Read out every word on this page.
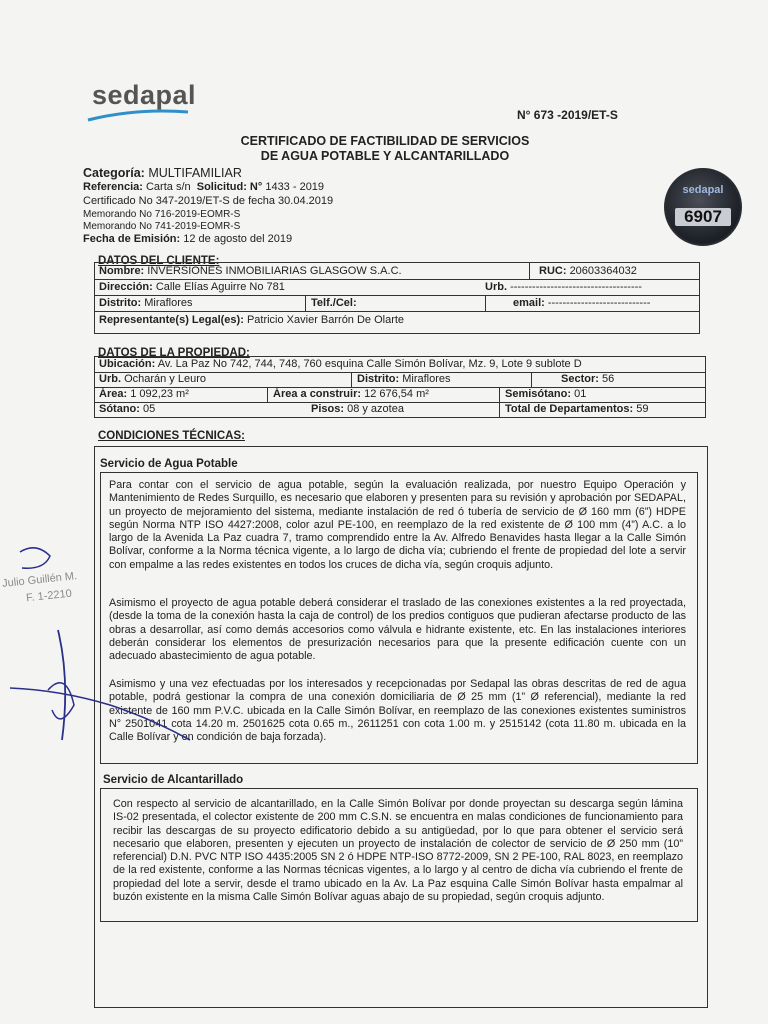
sedapal
N° 673 -2019/ET-S
CERTIFICADO DE FACTIBILIDAD DE SERVICIOS
DE AGUA POTABLE Y ALCANTARILLADO
Categoría: MULTIFAMILIAR
Referencia: Carta s/n Solicitud: N° 1433 - 2019
Certificado No 347-2019/ET-S de fecha 30.04.2019
Memorando No 716-2019-EOMR-S
Memorando No 741-2019-EOMR-S
Fecha de Emisión: 12 de agosto del 2019
sedapal
6907
DATOS DEL CLIENTE:
Nombre: INVERSIONES INMOBILIARIAS GLASGOW S.A.C.	RUC: 20603364032
Dirección: Calle Elías Aguirre No 781	Urb. ------------------------------------
Distrito: Miraflores	Telf./Cel:	email: ----------------------------
Representante(s) Legal(es): Patricio Xavier Barrón De Olarte
DATOS DE LA PROPIEDAD:
Ubicación: Av. La Paz No 742, 744, 748, 760 esquina Calle Simón Bolívar, Mz. 9, Lote 9 sublote D
Urb. Ocharán y Leuro	Distrito: Miraflores	Sector: 56
Área: 1 092,23 m²	Área a construir: 12 676,54 m²	Semisótano: 01
Sótano: 05	Pisos: 08 y azotea	Total de Departamentos: 59
CONDICIONES TÉCNICAS:
Servicio de Agua Potable
Para contar con el servicio de agua potable, según la evaluación realizada, por nuestro Equipo Operación y Mantenimiento de Redes Surquillo, es necesario que elaboren y presenten para su revisión y aprobación por SEDAPAL, un proyecto de mejoramiento del sistema, mediante instalación de red ó tubería de servicio de Ø 160 mm (6”) HDPE según Norma NTP ISO 4427:2008, color azul PE-100, en reemplazo de la red existente de Ø 100 mm (4”) A.C. a lo largo de la Avenida La Paz cuadra 7, tramo comprendido entre la Av. Alfredo Benavides hasta llegar a la Calle Simón Bolívar, conforme a la Norma técnica vigente, a lo largo de dicha vía; cubriendo el frente de propiedad del lote a servir con empalme a las redes existentes en todos los cruces de dicha vía, según croquis adjunto.
Asimismo el proyecto de agua potable deberá considerar el traslado de las conexiones existentes a la red proyectada, (desde la toma de la conexión hasta la caja de control) de los predios contiguos que pudieran afectarse producto de las obras a desarrollar, así como demás accesorios como válvula e hidrante existente, etc. En las instalaciones interiores deberán considerar los elementos de presurización necesarios para que la presente edificación cuente con un adecuado abastecimiento de agua potable.
Asimismo y una vez efectuadas por los interesados y recepcionadas por Sedapal las obras descritas de red de agua potable, podrá gestionar la compra de una conexión domiciliaria de Ø 25 mm (1” Ø referencial), mediante la red existente de 160 mm P.V.C. ubicada en la Calle Simón Bolívar, en reemplazo de las conexiones existentes suministros N° 2501041 cota 14.20 m. 2501625 cota 0.65 m., 2611251 con cota 1.00 m. y 2515142 (cota 11.80 m. ubicada en la Calle Bolívar y en condición de baja forzada).
Servicio de Alcantarillado
Con respecto al servicio de alcantarillado, en la Calle Simón Bolívar por donde proyectan su descarga según lámina IS-02 presentada, el colector existente de 200 mm C.S.N. se encuentra en malas condiciones de funcionamiento para recibir las descargas de su proyecto edificatorio debido a su antigüedad, por lo que para obtener el servicio será necesario que elaboren, presenten y ejecuten un proyecto de instalación de colector de servicio de Ø 250 mm (10” referencial) D.N. PVC NTP ISO 4435:2005 SN 2 ó HDPE NTP-ISO 8772-2009, SN 2 PE-100, RAL 8023, en reemplazo de la red existente, conforme a las Normas técnicas vigentes, a lo largo y al centro de dicha vía cubriendo el frente de propiedad del lote a servir, desde el tramo ubicado en la Av. La Paz esquina Calle Simón Bolívar hasta empalmar al buzón existente en la misma Calle Simón Bolívar aguas abajo de su propiedad, según croquis adjunto.
Julio Guillén M.
F. 1-2210
